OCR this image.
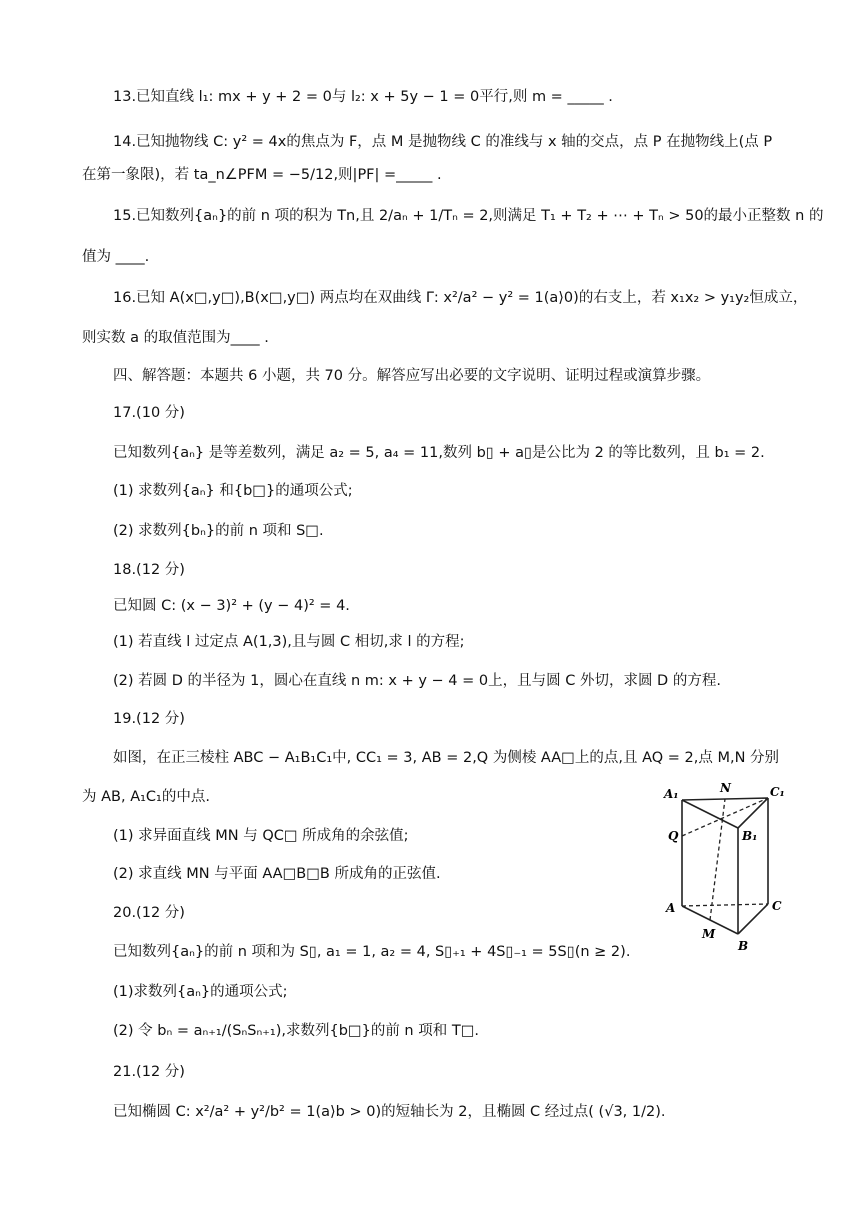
13.已知直线 l₁: mx + y + 2 = 0与 l₂: x + 5y − 1 = 0平行,则 m = _____ .
14.已知抛物线 C: y² = 4x的焦点为 F，点 M 是抛物线 C 的准线与 x 轴的交点，点 P 在抛物线上(点 P
在第一象限)，若 ta_n∠PFM = −5/12,则|PF| =_____ .
15.已知数列{aₙ}的前 n 项的积为 Tn,且 2/aₙ + 1/Tₙ = 2,则满足 T₁ + T₂ + ⋯ + Tₙ > 50的最小正整数 n 的
值为 ____.
16.已知 A(x□,y□),B(x□,y□) 两点均在双曲线 Γ: x²/a² − y² = 1(a⟩0)的右支上，若 x₁x₂ > y₁y₂恒成立，
则实数 a 的取值范围为____ .
四、解答题：本题共 6 小题，共 70 分。解答应写出必要的文字说明、证明过程或演算步骤。
17.(10 分)
已知数列{aₙ} 是等差数列，满足 a₂ = 5, a₄ = 11,数列 b▯ + a▯是公比为 2 的等比数列，且 b₁ = 2.
(1) 求数列{aₙ} 和{b□}的通项公式;
(2) 求数列{bₙ}的前 n 项和 S□.
18.(12 分)
已知圆 C: (x − 3)² + (y − 4)² = 4.
(1) 若直线 l 过定点 A(1,3),且与圆 C 相切,求 l 的方程;
(2) 若圆 D 的半径为 1，圆心在直线 n m: x + y − 4 = 0上，且与圆 C 外切，求圆 D 的方程.
19.(12 分)
如图，在正三棱柱 ABC − A₁B₁C₁中, CC₁ = 3, AB = 2,Q 为侧棱 AA□上的点,且 AQ = 2,点 M,N 分别
为 AB, A₁C₁的中点.
(1) 求异面直线 MN 与 QC□ 所成角的余弦值;
(2) 求直线 MN 与平面 AA□B□B 所成角的正弦值.
20.(12 分)
已知数列{aₙ}的前 n 项和为 S▯, a₁ = 1, a₂ = 4, S▯₊₁ + 4S▯₋₁ = 5S▯(n ≥ 2).
(1)求数列{aₙ}的通项公式;
(2) 令 bₙ = aₙ₊₁/(SₙSₙ₊₁),求数列{b□}的前 n 项和 T□.
21.(12 分)
已知椭圆 C: x²/a² + y²/b² = 1(a⟩b > 0)的短轴长为 2，且椭圆 C 经过点( (√3, 1/2).
A₁	N	C₁
Q	B₁
A	C
M
B
